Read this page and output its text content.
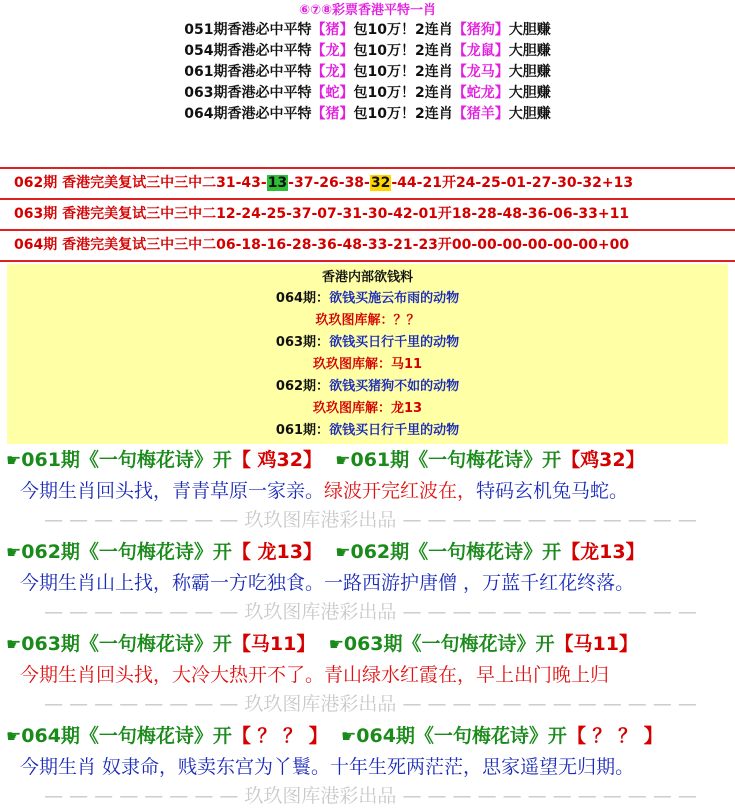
⑥⑦⑧彩票香港平特一肖
051期香港必中平特【猪】包10万！2连肖【猪狗】大胆赚
054期香港必中平特【龙】包10万！2连肖【龙鼠】大胆赚
061期香港必中平特【龙】包10万！2连肖【龙马】大胆赚
063期香港必中平特【蛇】包10万！2连肖【蛇龙】大胆赚
064期香港必中平特【猪】包10万！2连肖【猪羊】大胆赚
062期 香港完美复试三中三中二31-43-13-37-26-38-32-44-21开24-25-01-27-30-32+13
063期 香港完美复试三中三中二12-24-25-37-07-31-30-42-01开18-28-48-36-06-33+11
064期 香港完美复试三中三中二06-18-16-28-36-48-33-21-23开00-00-00-00-00-00+00
香港内部欲钱料
064期：欲钱买施云布雨的动物
玖玖图库解：？？
063期：欲钱买日行千里的动物
玖玖图库解：马11
062期：欲钱买猪狗不如的动物
玖玖图库解：龙13
061期：欲钱买日行千里的动物
☛061期《一句梅花诗》开【 鸡32】 ☛061期《一句梅花诗》开【鸡32】
今期生肖回头找，青青草原一家亲。绿波开完红波在，特码玄机兔马蛇。
— — — — — — — — 玖玖图库港彩出品 — — — — — — — — — — — —
☛062期《一句梅花诗》开【 龙13】 ☛062期《一句梅花诗》开【龙13】
今期生肖山上找，称霸一方吃独食。一路西游护唐僧 ，万蓝千红花终落。
— — — — — — — — 玖玖图库港彩出品 — — — — — — — — — — — —
☛063期《一句梅花诗》开【马11】 ☛063期《一句梅花诗》开【马11】
今期生肖回头找，大冷大热开不了。青山绿水红霞在，早上出门晚上归
— — — — — — — — 玖玖图库港彩出品 — — — — — — — — — — — —
☛064期《一句梅花诗》开【 ？ ？ 】 ☛064期《一句梅花诗》开【 ？ ？ 】
今期生肖 奴隶命，贱卖东宫为丫鬟。十年生死两茫茫，思家遥望无归期。
— — — — — — — — 玖玖图库港彩出品 — — — — — — — — — — — —
